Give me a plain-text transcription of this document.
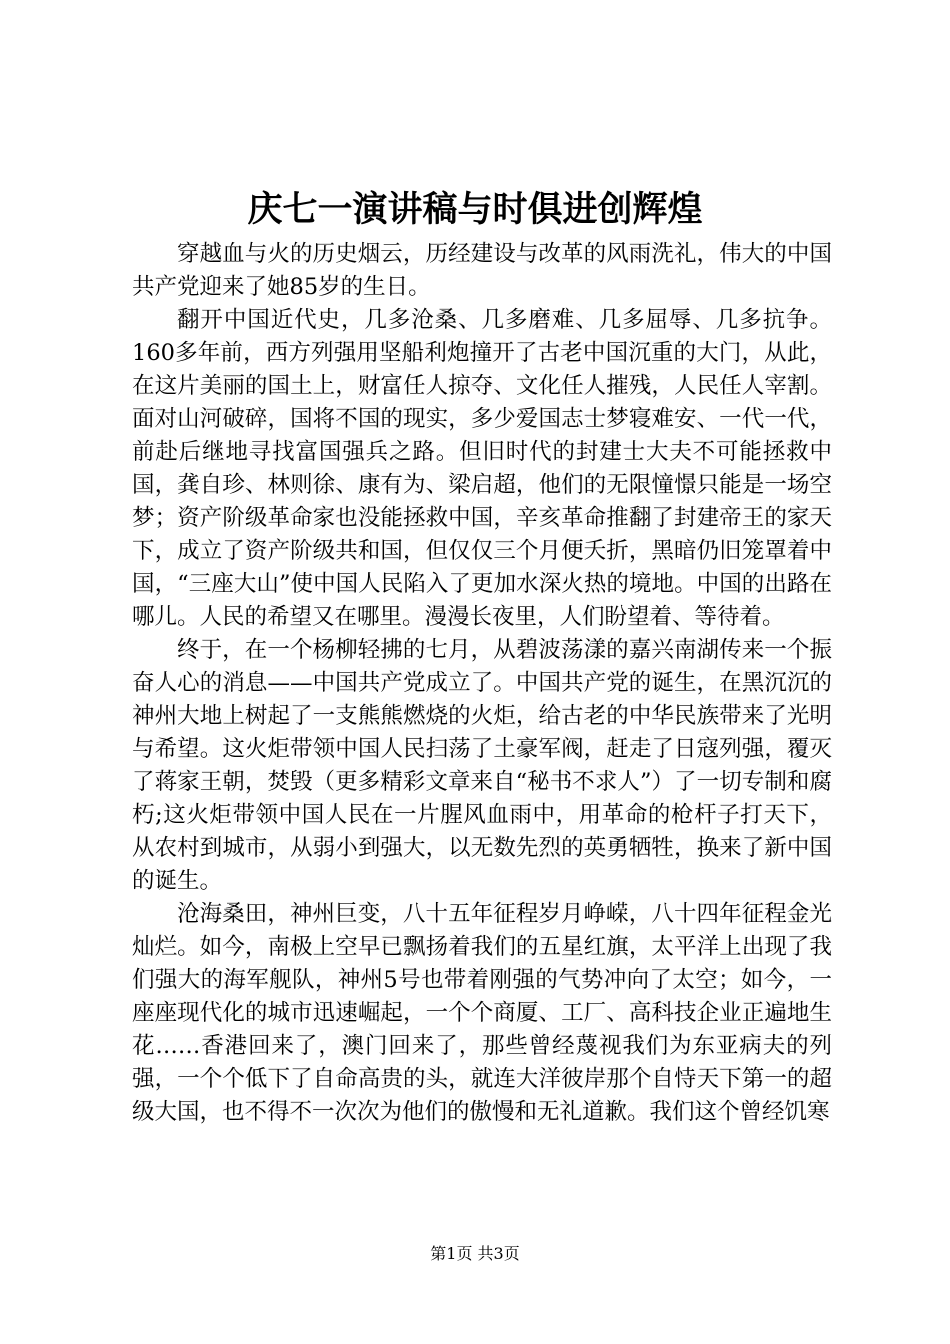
庆七一演讲稿与时俱进创辉煌

穿越血与火的历史烟云，历经建设与改革的风雨洗礼，伟大的中国共产党迎来了她85岁的生日。

翻开中国近代史，几多沧桑、几多磨难、几多屈辱、几多抗争。160多年前，西方列强用坚船利炮撞开了古老中国沉重的大门，从此，在这片美丽的国土上，财富任人掠夺、文化任人摧残，人民任人宰割。面对山河破碎，国将不国的现实，多少爱国志士梦寝难安、一代一代，前赴后继地寻找富国强兵之路。但旧时代的封建士大夫不可能拯救中国，龚自珍、林则徐、康有为、梁启超，他们的无限憧憬只能是一场空梦；资产阶级革命家也没能拯救中国，辛亥革命推翻了封建帝王的家天下，成立了资产阶级共和国，但仅仅三个月便夭折，黑暗仍旧笼罩着中国，“三座大山”使中国人民陷入了更加水深火热的境地。中国的出路在哪儿。人民的希望又在哪里。漫漫长夜里，人们盼望着、等待着。

终于，在一个杨柳轻拂的七月，从碧波荡漾的嘉兴南湖传来一个振奋人心的消息——中国共产党成立了。中国共产党的诞生，在黑沉沉的神州大地上树起了一支熊熊燃烧的火炬，给古老的中华民族带来了光明与希望。这火炬带领中国人民扫荡了土豪军阀，赶走了日寇列强，覆灭了蒋家王朝，焚毁（更多精彩文章来自“秘书不求人”）了一切专制和腐朽;这火炬带领中国人民在一片腥风血雨中，用革命的枪杆子打天下，从农村到城市，从弱小到强大，以无数先烈的英勇牺牲，换来了新中国的诞生。

沧海桑田，神州巨变，八十五年征程岁月峥嵘，八十四年征程金光灿烂。如今，南极上空早已飘扬着我们的五星红旗，太平洋上出现了我们强大的海军舰队，神州5号也带着刚强的气势冲向了太空；如今，一座座现代化的城市迅速崛起，一个个商厦、工厂、高科技企业正遍地生花……香港回来了，澳门回来了，那些曾经蔑视我们为东亚病夫的列强，一个个低下了自命高贵的头，就连大洋彼岸那个自恃天下第一的超级大国，也不得不一次次为他们的傲慢和无礼道歉。我们这个曾经饥寒

第1页 共3页
